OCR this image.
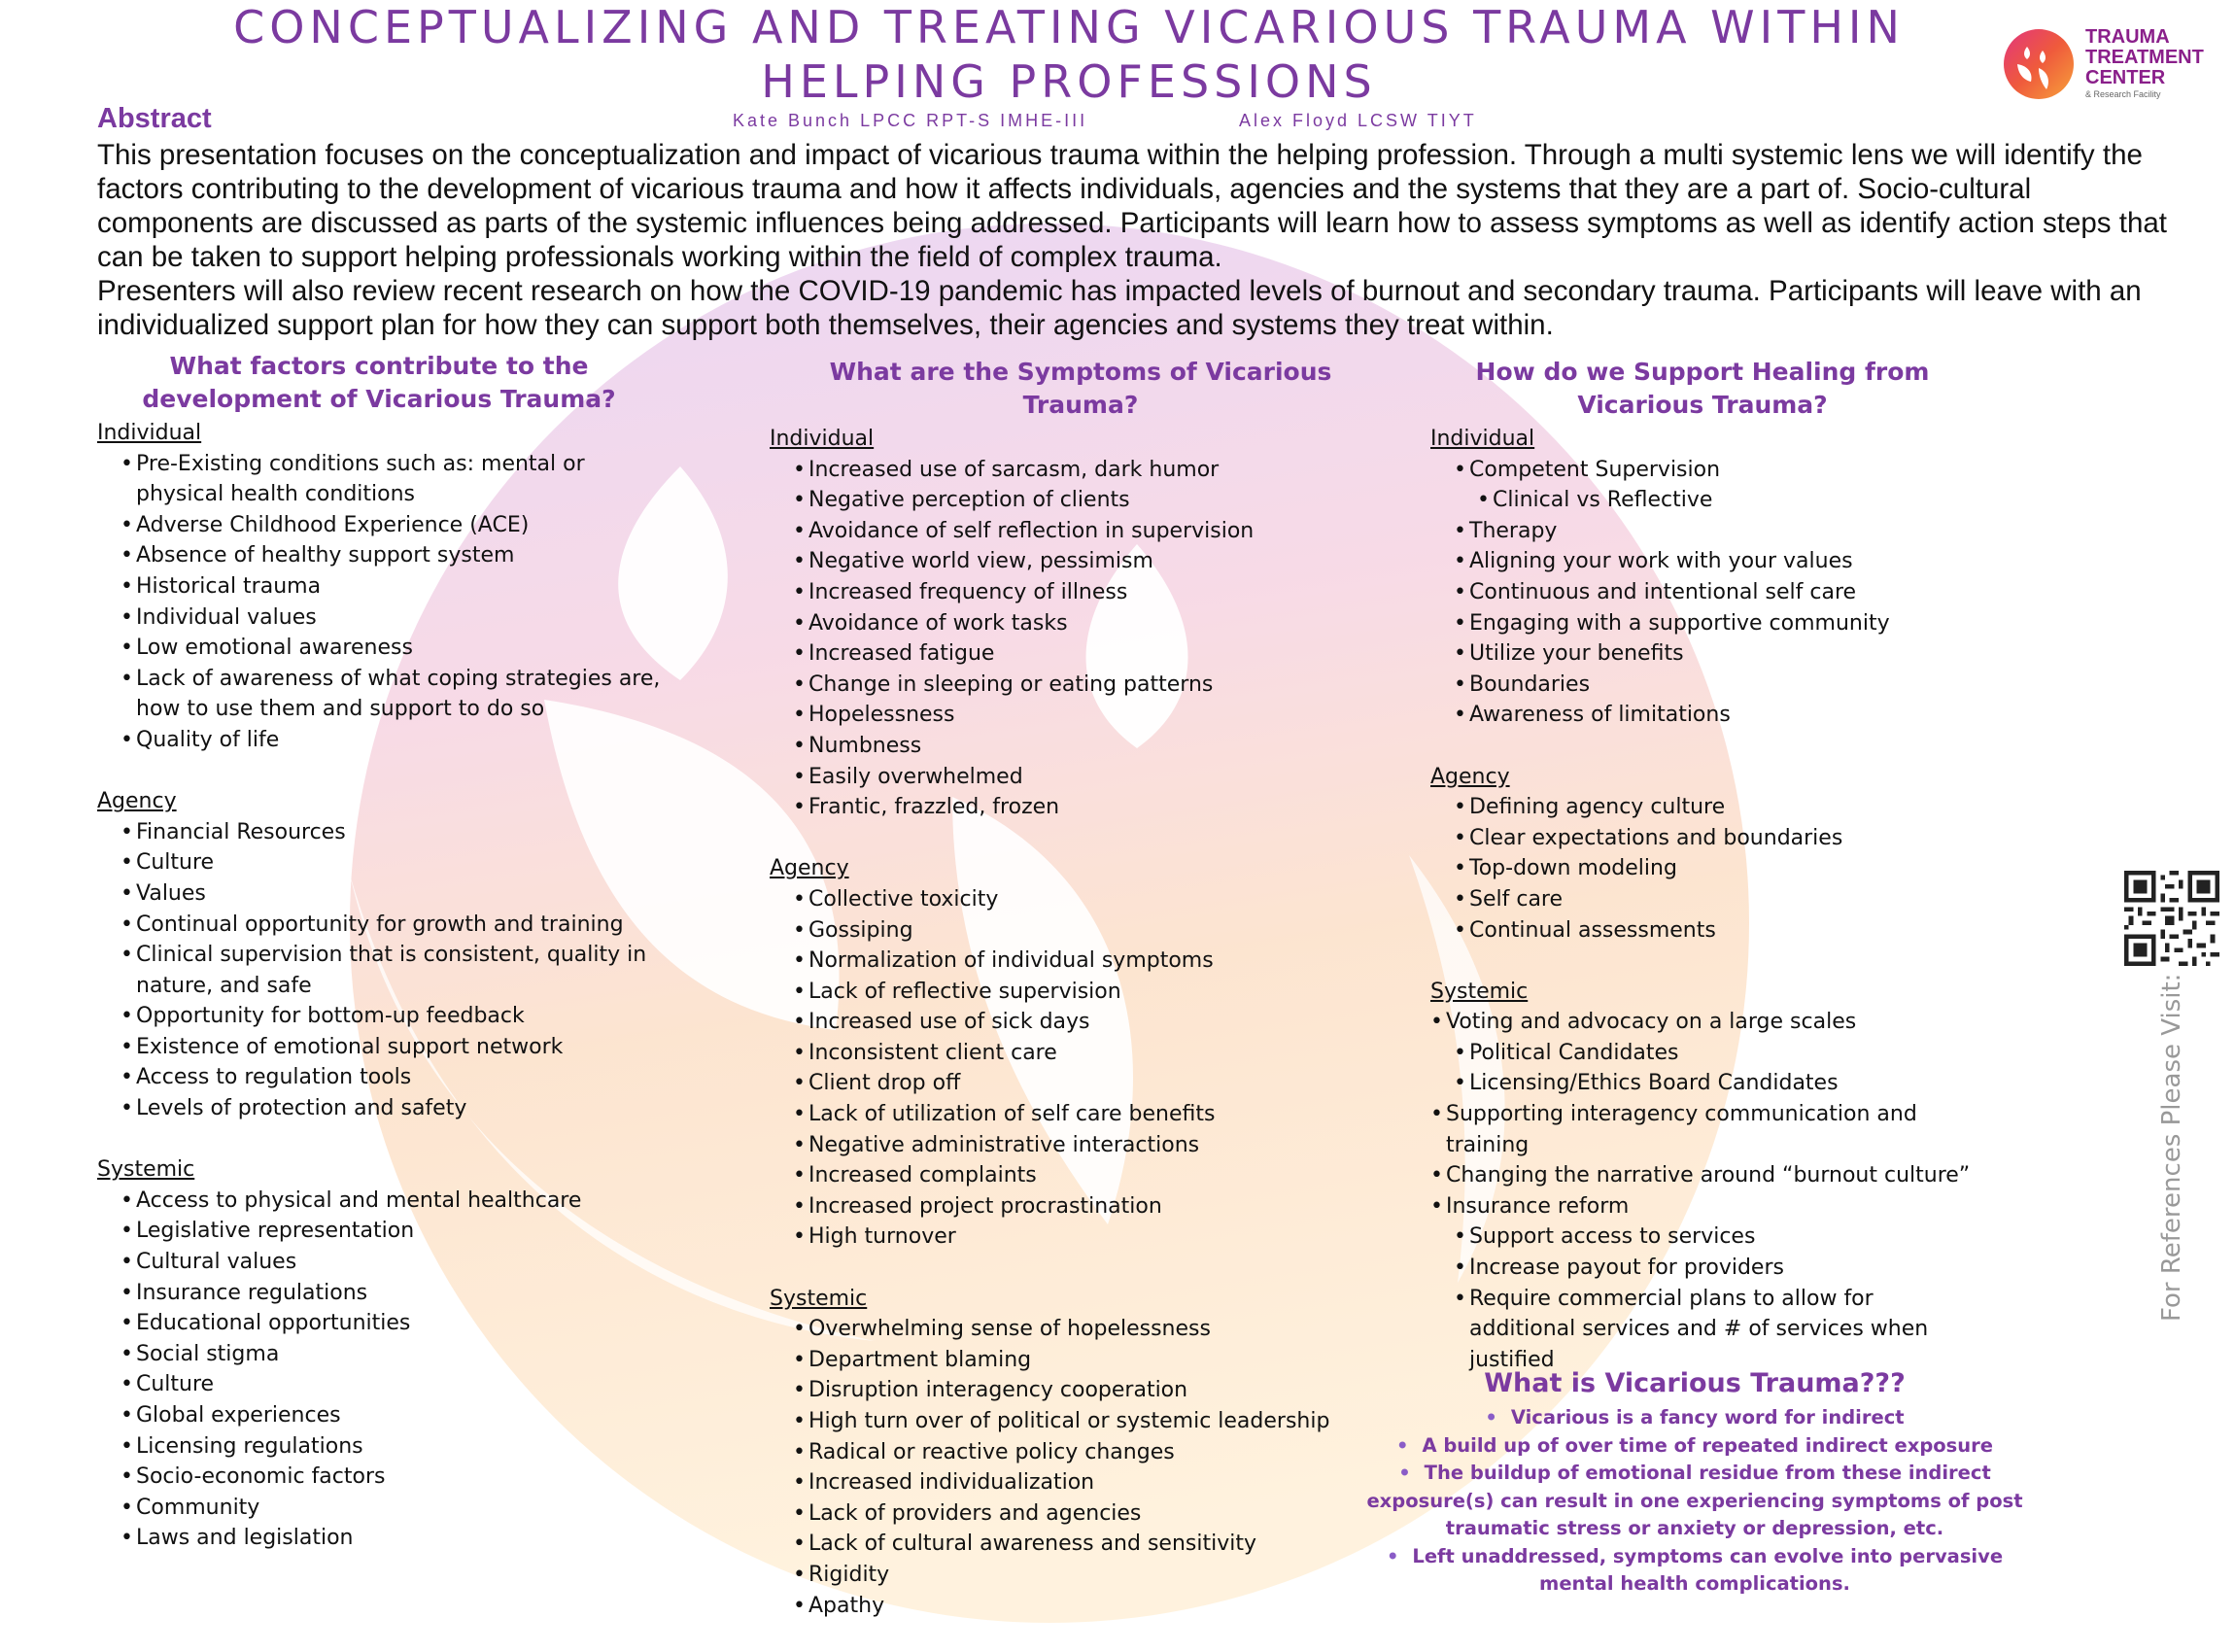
CONCEPTUALIZING AND TREATING VICARIOUS TRAUMA WITHIN HELPING PROFESSIONS
TRAUMA
TREATMENT
CENTER
& Research Facility
Abstract	Kate Bunch LPCC RPT-S IMHE-III	Alex Floyd LCSW TIYT

This presentation focuses on the conceptualization and impact of vicarious trauma within the helping profession. Through a multi systemic lens we will identify the factors contributing to the development of vicarious trauma and how it affects individuals, agencies and the systems that they are a part of. Socio-cultural components are discussed as parts of the systemic influences being addressed. Participants will learn how to assess symptoms as well as identify action steps that can be taken to support helping professionals working within the field of complex trauma.

Presenters will also review recent research on how the COVID-19 pandemic has impacted levels of burnout and secondary trauma. Participants will leave with an individualized support plan for how they can support both themselves, their agencies and systems they treat within.

What factors contribute to the development of Vicarious Trauma?
Individual
• Pre-Existing conditions such as: mental or physical health conditions
• Adverse Childhood Experience (ACE)
• Absence of healthy support system
• Historical trauma
• Individual values
• Low emotional awareness
• Lack of awareness of what coping strategies are, how to use them and support to do so
• Quality of life
Agency
• Financial Resources
• Culture
• Values
• Continual opportunity for growth and training
• Clinical supervision that is consistent, quality in nature, and safe
• Opportunity for bottom-up feedback
• Existence of emotional support network
• Access to regulation tools
• Levels of protection and safety
Systemic
• Access to physical and mental healthcare
• Legislative representation
• Cultural values
• Insurance regulations
• Educational opportunities
• Social stigma
• Culture
• Global experiences
• Licensing regulations
• Socio-economic factors
• Community
• Laws and legislation
What are the Symptoms of Vicarious Trauma?
Individual
• Increased use of sarcasm, dark humor
• Negative perception of clients
• Avoidance of self reflection in supervision
• Negative world view, pessimism
• Increased frequency of illness
• Avoidance of work tasks
• Increased fatigue
• Change in sleeping or eating patterns
• Hopelessness
• Numbness
• Easily overwhelmed
• Frantic, frazzled, frozen
Agency
• Collective toxicity
• Gossiping
• Normalization of individual symptoms
• Lack of reflective supervision
• Increased use of sick days
• Inconsistent client care
• Client drop off
• Lack of utilization of self care benefits
• Negative administrative interactions
• Increased complaints
• Increased project procrastination
• High turnover
Systemic
• Overwhelming sense of hopelessness
• Department blaming
• Disruption interagency cooperation
• High turn over of political or systemic leadership
• Radical or reactive policy changes
• Increased individualization
• Lack of providers and agencies
• Lack of cultural awareness and sensitivity
• Rigidity
• Apathy
How do we Support Healing from Vicarious Trauma?
Individual
• Competent Supervision
• Clinical vs Reflective
• Therapy
• Aligning your work with your values
• Continuous and intentional self care
• Engaging with a supportive community
• Utilize your benefits
• Boundaries
• Awareness of limitations
Agency
• Defining agency culture
• Clear expectations and boundaries
• Top-down modeling
• Self care
• Continual assessments
Systemic
• Voting and advocacy on a large scales
• Political Candidates
• Licensing/Ethics Board Candidates
• Supporting interagency communication and training
• Changing the narrative around “burnout culture”
• Insurance reform
• Support access to services
• Increase payout for providers
• Require commercial plans to allow for additional services and # of services when justified
What is Vicarious Trauma???
• Vicarious is a fancy word for indirect
• A build up of over time of repeated indirect exposure
• The buildup of emotional residue from these indirect exposure(s) can result in one experiencing symptoms of post traumatic stress or anxiety or depression, etc.
• Left unaddressed, symptoms can evolve into pervasive mental health complications.
For References Please Visit:
